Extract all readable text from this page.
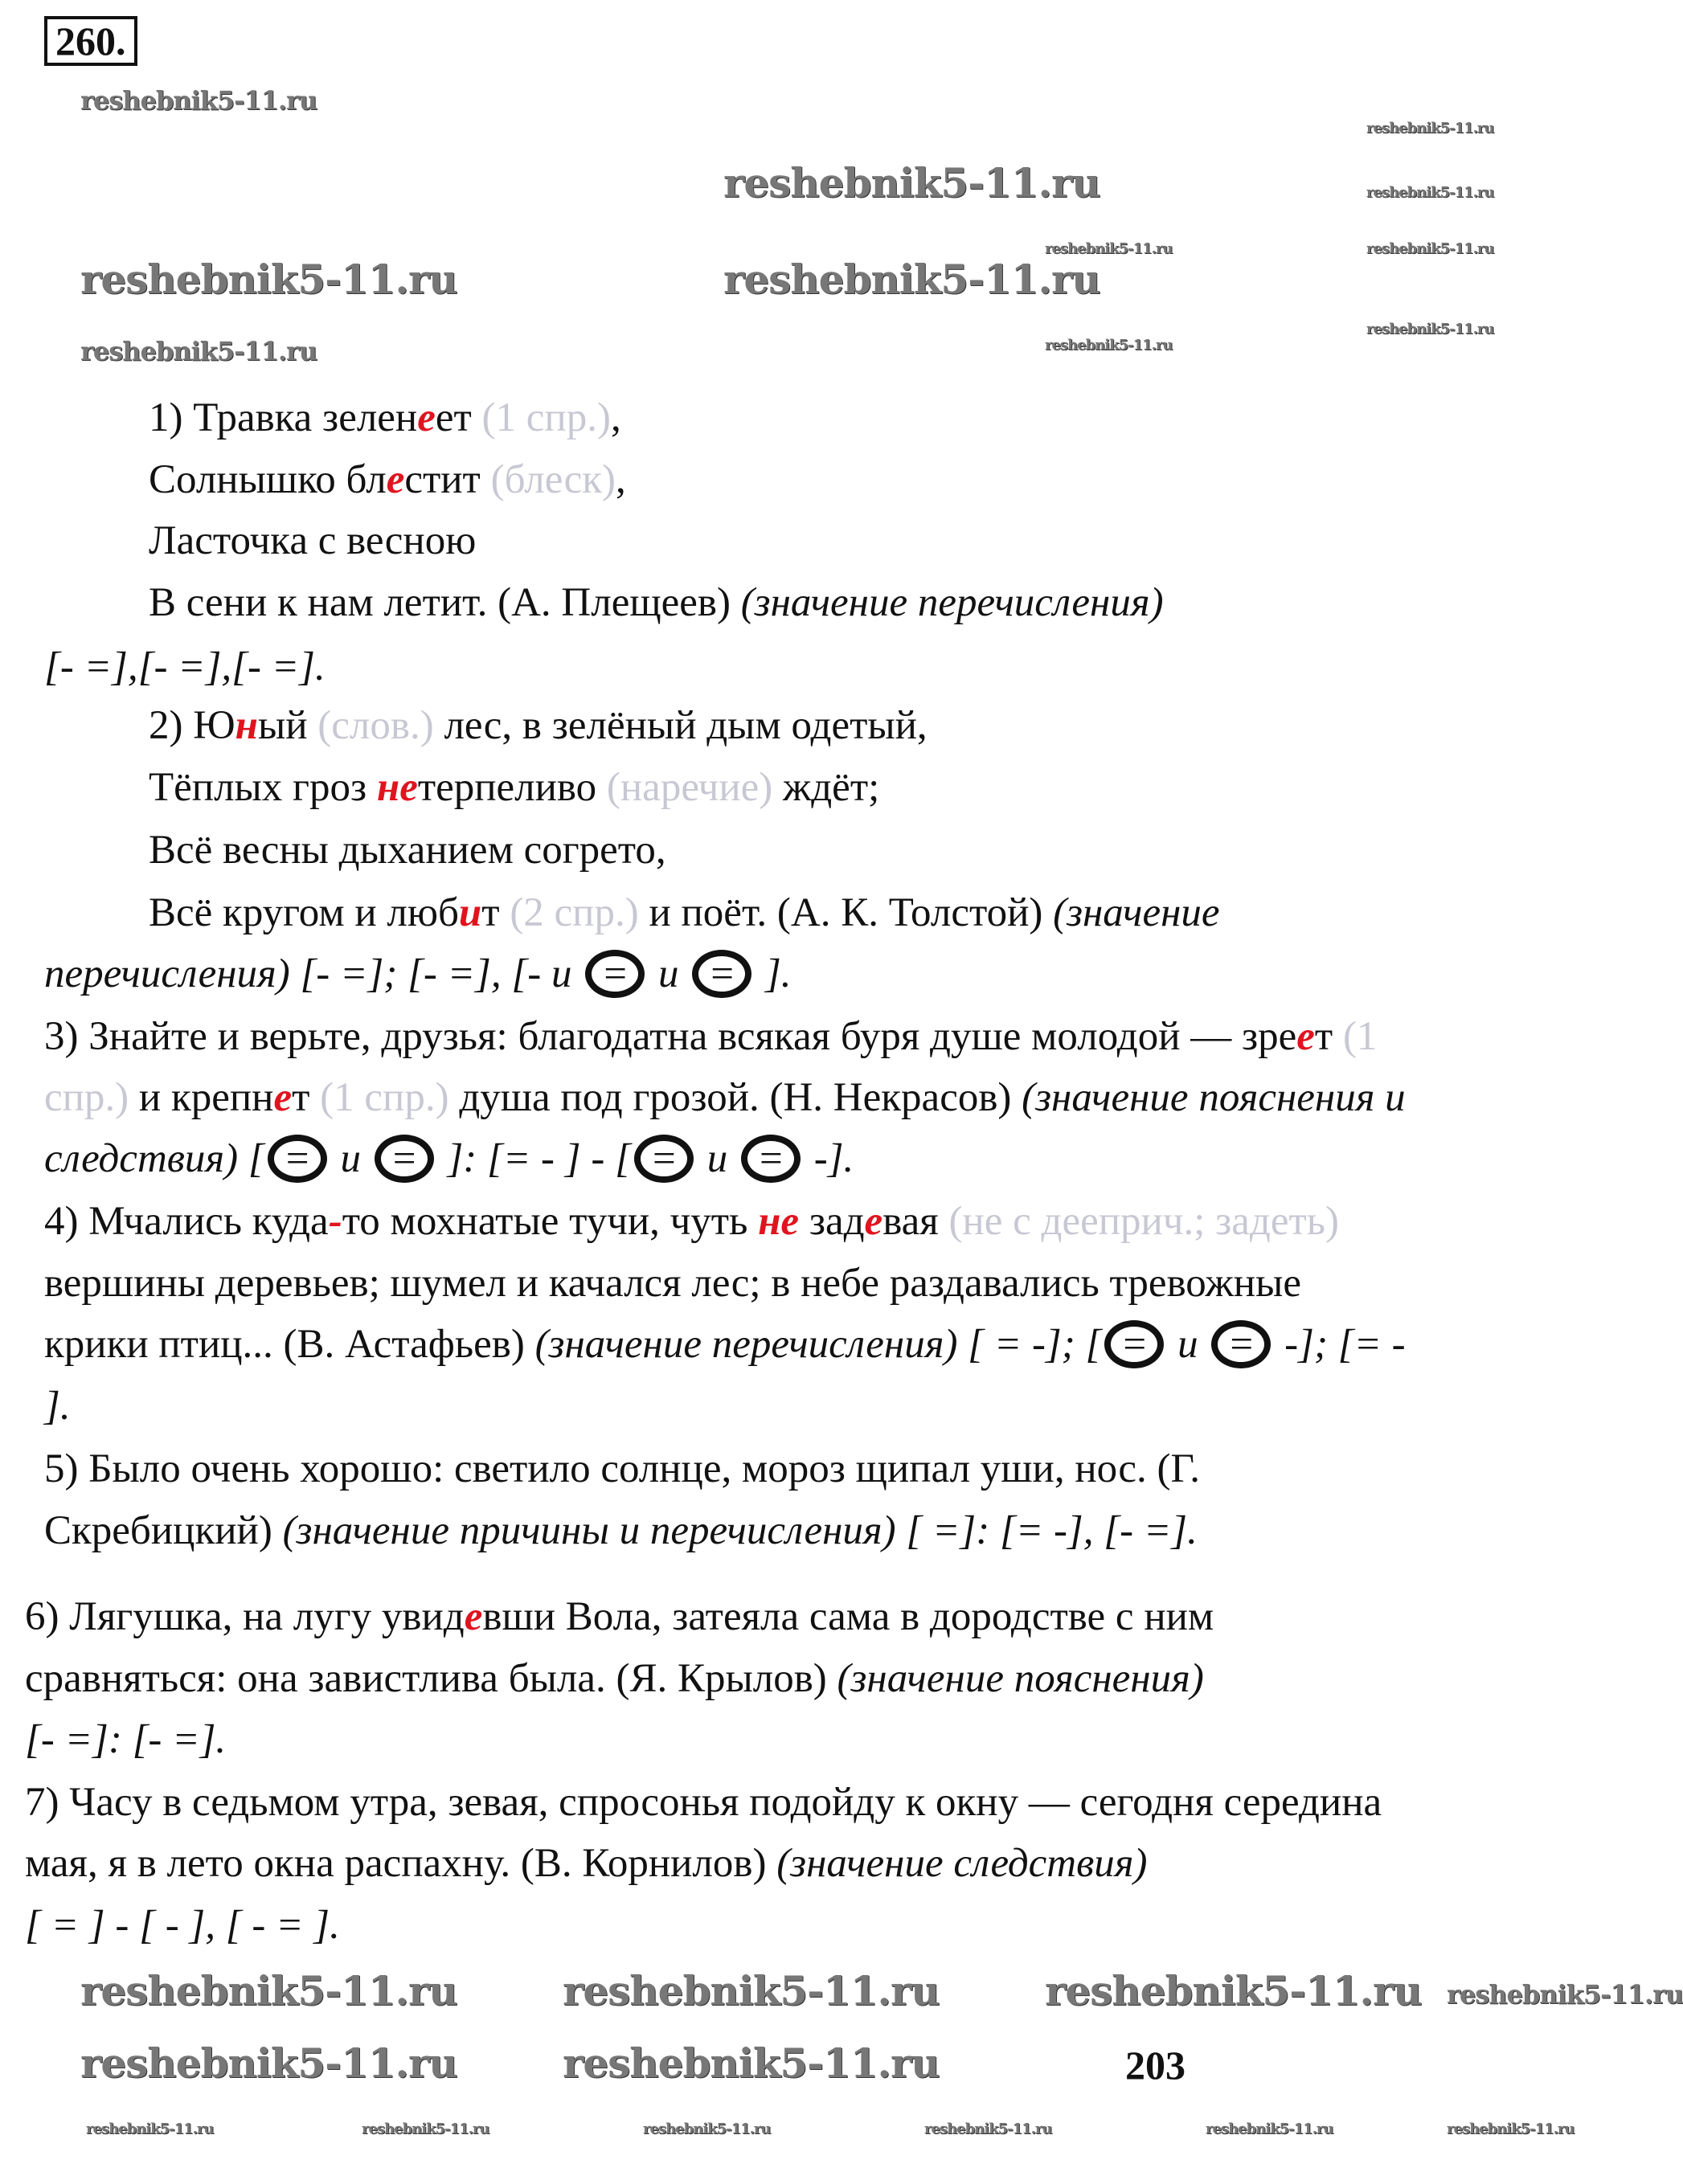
260.
203
1) Травка зеленеет (1 спр.),
Солнышко блестит (блеск),
Ласточка с весною
В сени к нам летит. (А. Плещеев) (значение перечисления)
[- =],[- =],[- =].
2) Юный (слов.) лес, в зелёный дым одетый,
Тёплых гроз нетерпеливо (наречие) ждёт;
Всё весны дыханием согрето,
Всё кругом и любит (2 спр.) и поёт. (А. К. Толстой) (значение
перечисления) [- =]; [- =], [- и = и = ].
3) Знайте и верьте, друзья: благодатна всякая буря душе молодой — зреет (1
спр.) и крепнет (1 спр.) душа под грозой. (Н. Некрасов) (значение пояснения и
следствия) [ = и = ]: [= - ] - [ = и = -].
4) Мчались куда-то мохнатые тучи, чуть не задевая (не с дееприч.; задеть)
вершины деревьев; шумел и качался лес; в небе раздавались тревожные
крики птиц... (В. Астафьев) (значение перечисления) [ = -]; [ = и = -]; [= -
].
5) Было очень хорошо: светило солнце, мороз щипал уши, нос. (Г.
Скребицкий) (значение причины и перечисления) [ =]: [= -], [- =].
6) Лягушка, на лугу увидевши Вола, затеяла сама в дородстве с ним
сравняться: она завистлива была. (Я. Крылов) (значение пояснения)
[- =]: [- =].
7) Часу в седьмом утра, зевая, спросонья подойду к окну — сегодня середина
мая, я в лето окна распахну. (В. Корнилов) (значение следствия)
[ = ] - [ - ], [ - = ].
reshebnik5-11.ru
reshebnik5-11.ru
reshebnik5-11.ru	reshebnik5-11.ru
reshebnik5-11.ru	reshebnik5-11.ru
reshebnik5-11.ru	reshebnik5-11.ru
reshebnik5-11.ru
reshebnik5-11.ru	reshebnik5-11.ru
reshebnik5-11.ru	reshebnik5-11.ru	reshebnik5-11.ru reshebnik5-11.ru
reshebnik5-11.ru	reshebnik5-11.ru
reshebnik5-11.ru	reshebnik5-11.ru	reshebnik5-11.ru	reshebnik5-11.ru	reshebnik5-11.ru	reshebnik5-11.ru
